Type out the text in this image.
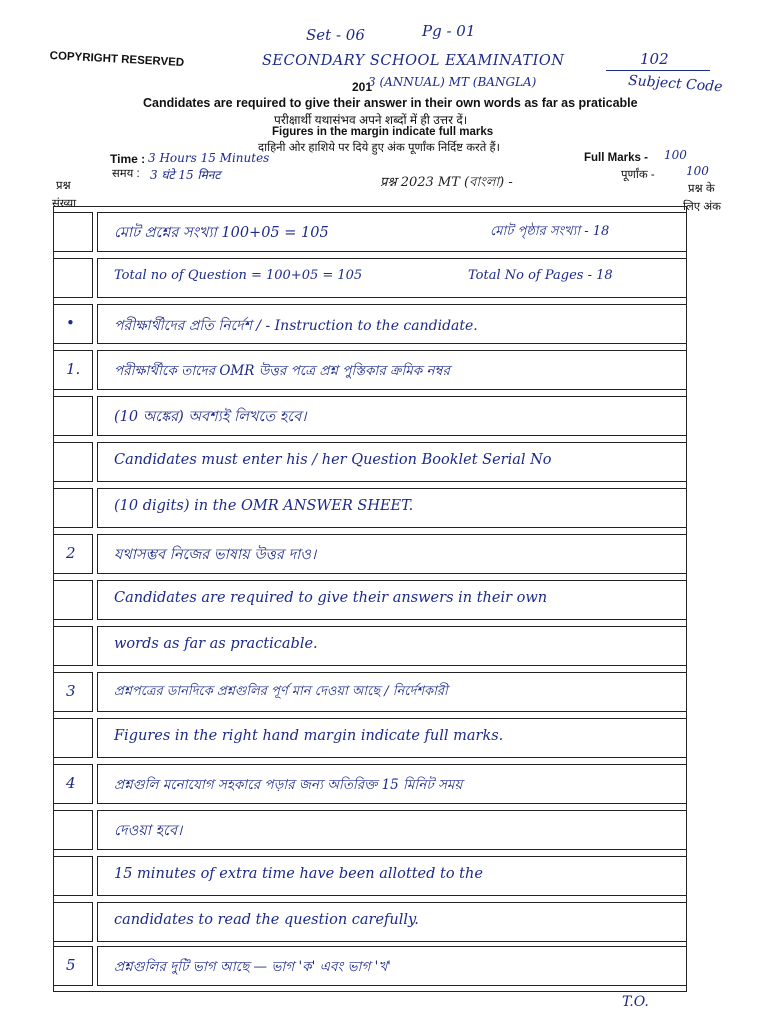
Set - 06	Pg - 01
COPYRIGHT RESERVED	SECONDARY SCHOOL EXAMINATION
201
3 (ANNUAL) MT (BANGLA)
102
Subject Code
Candidates are required to give their answer in their own words as far as praticable
परीक्षार्थी यथासंभव अपने शब्दों में ही उत्तर दें।
Figures in the margin indicate full marks
दाहिनी ओर हाशिये पर दिये हुए अंक पूर्णांक निर्दिष्ट करते हैं।
Time : 3 Hours 15 Minutes
समय : 3 घंटे 15 मिनट
Full Marks - 100
पूर्णांक -	100
प्रश्न 2023 MT (বাংলা) -
प्रश्न
संख्या
प्रश्न के
लिए अंक
মোট প্রশ্নের সংখ্যা 100+05 = 105	মোট পৃষ্ঠার সংখ্যা - 18
Total no of Question = 100+05 = 105	Total No of Pages - 18
•	পরীক্ষার্থীদের প্রতি নির্দেশ / - Instruction to the candidate.
1. পরীক্ষার্থীকে তাদের OMR উত্তর পত্রে প্রশ্ন পুস্তিকার ক্রমিক নম্বর
(10 অঙ্কের) অবশ্যই লিখতে হবে।
Candidates must enter his / her Question Booklet Serial No
(10 digits) in the OMR ANSWER SHEET.
2	যথাসম্ভব নিজের ভাষায় উত্তর দাও।
Candidates are required to give their answers in their own
words as far as practicable.
3	প্রশ্নপত্রের ডানদিকে প্রশ্নগুলির পূর্ণ মান দেওয়া আছে / নির্দেশকারী
Figures in the right hand margin indicate full marks.
4	প্রশ্নগুলি মনোযোগ সহকারে পড়ার জন্য অতিরিক্ত 15 মিনিট সময়
দেওয়া হবে।
15 minutes of extra time have been allotted to the
candidates to read the question carefully.
5	প্রশ্নগুলির দুটি ভাগ আছে — ভাগ 'ক' এবং ভাগ 'খ'
T.O.
